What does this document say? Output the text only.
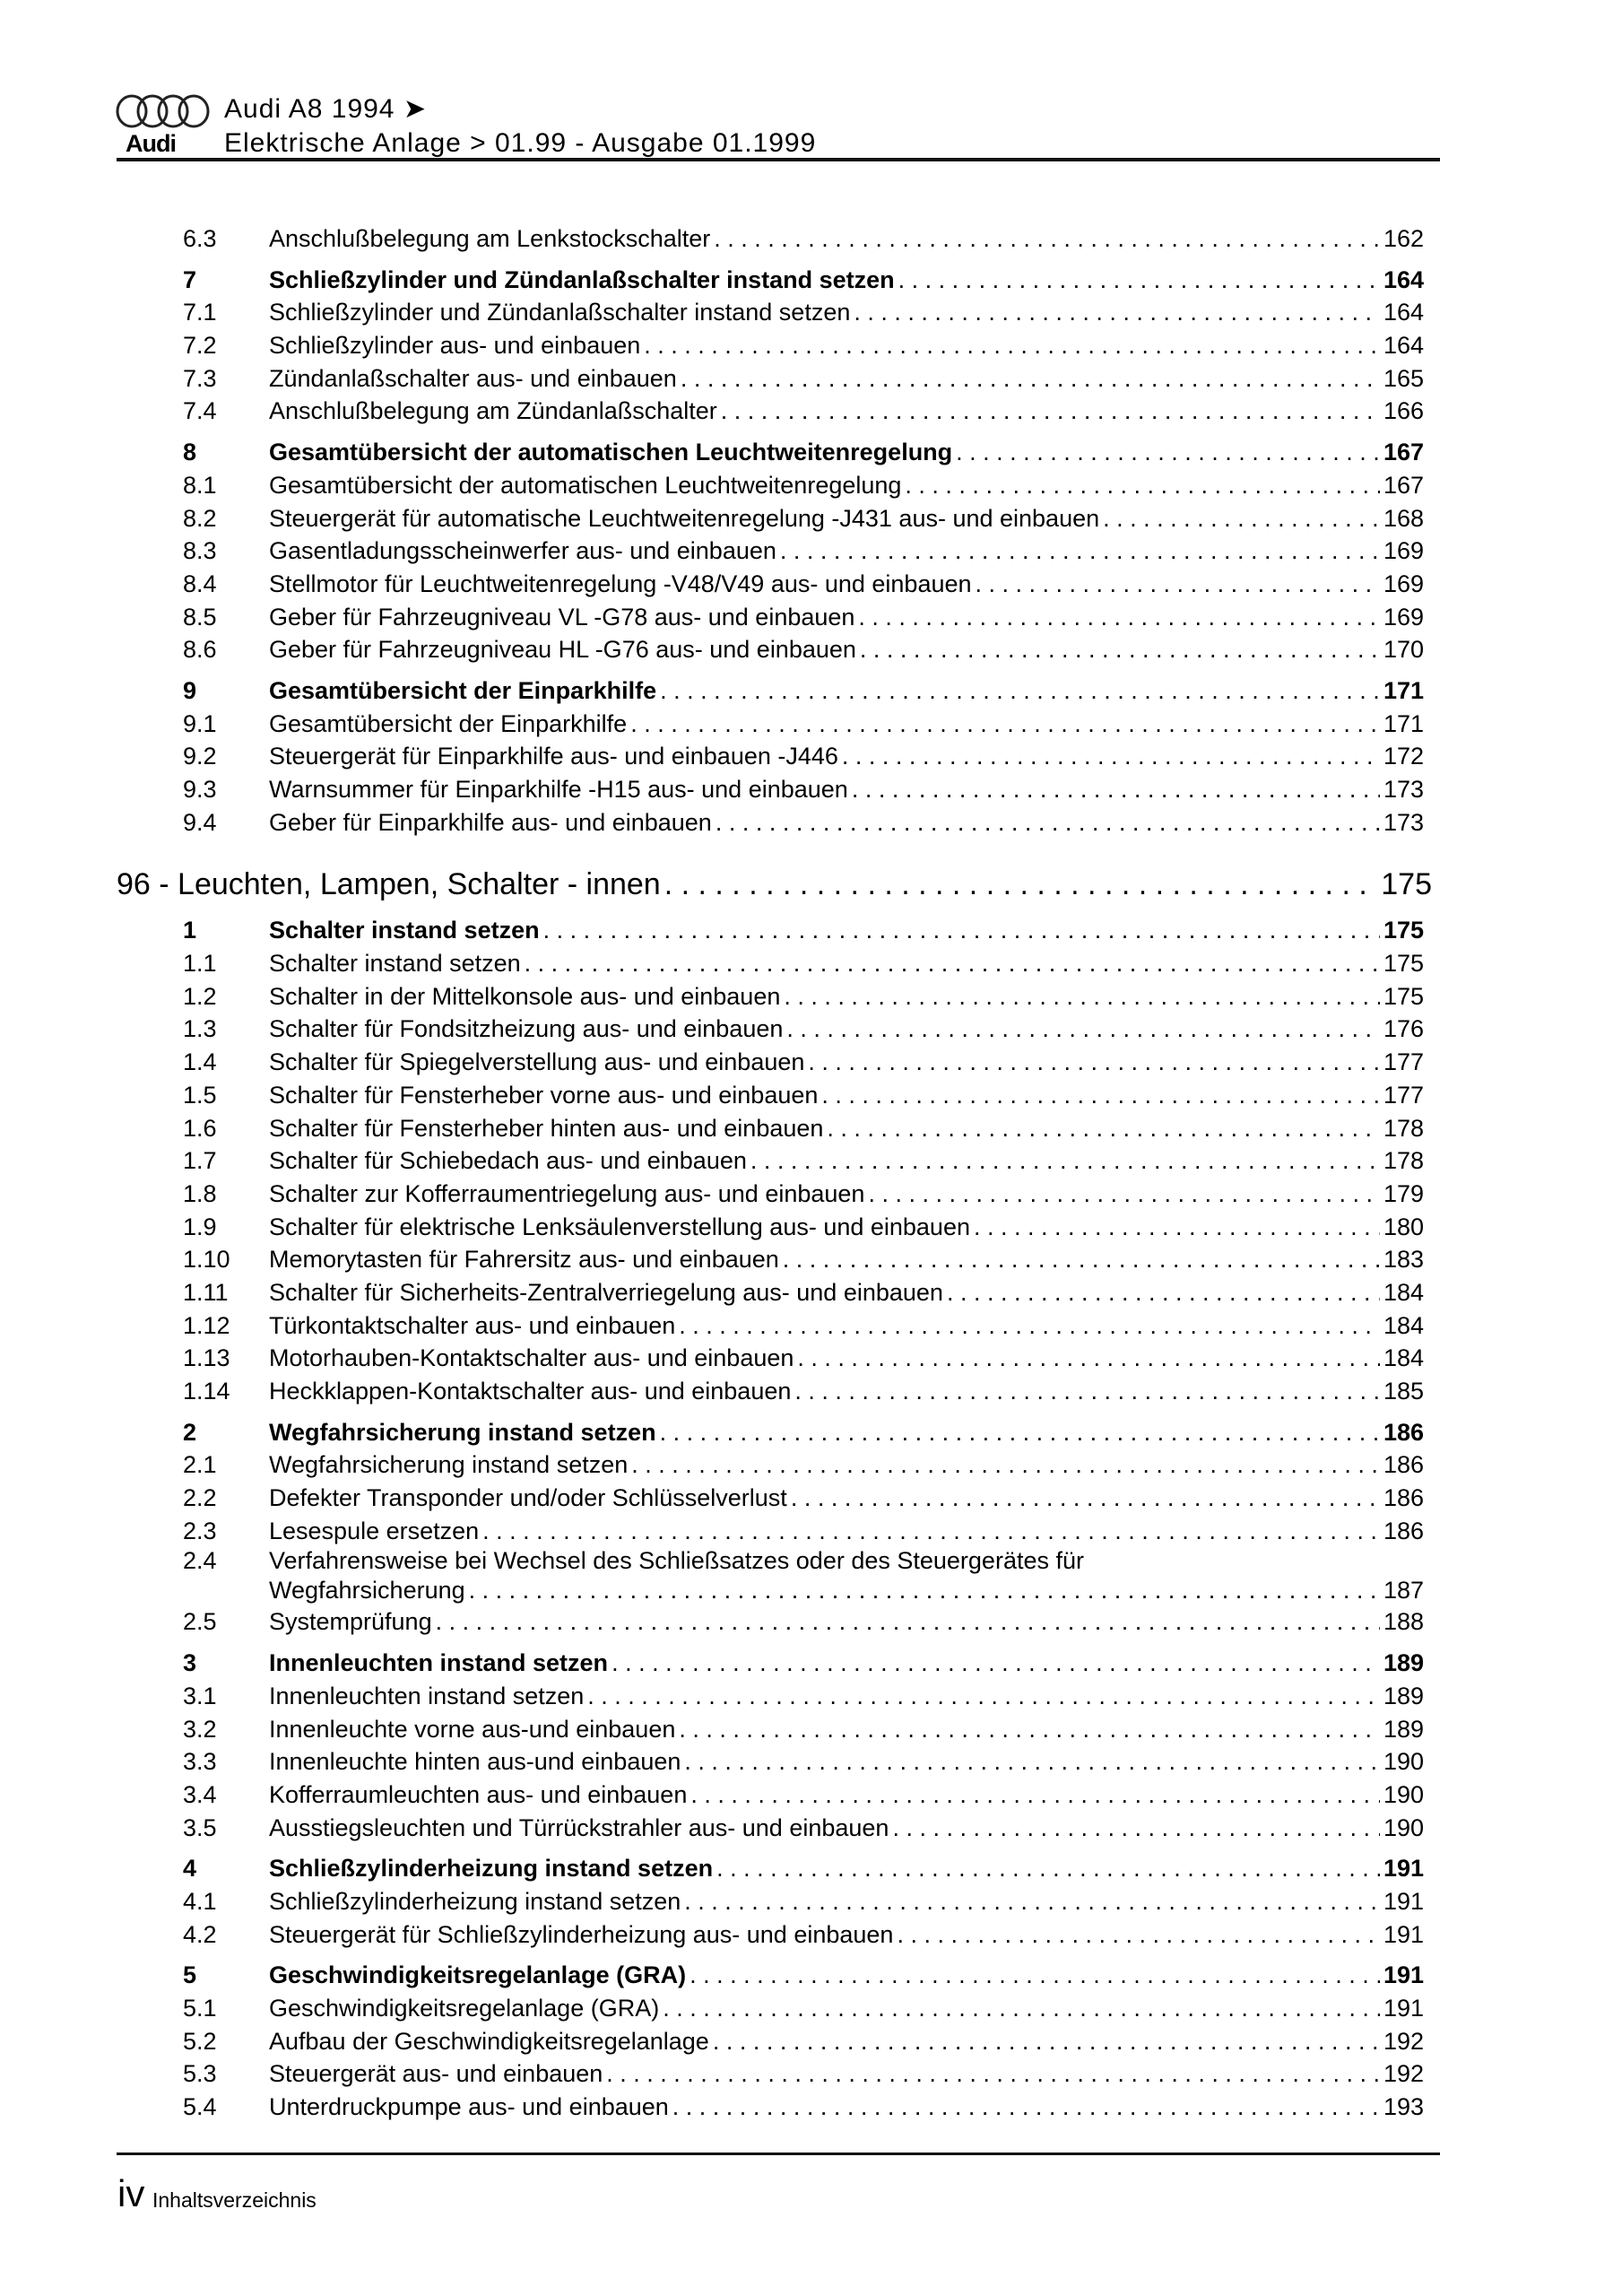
Audi A8 1994 ➤
Audi Elektrische Anlage > 01.99 - Ausgabe 01.1999
6.3	Anschlußbelegung am Lenkstockschalter . . .	162
7	Schließzylinder und Zündanlaßschalter instand setzen . . .	164
7.1	Schließzylinder und Zündanlaßschalter instand setzen . . .	164
7.2	Schließzylinder aus- und einbauen . . .	164
7.3	Zündanlaßschalter aus- und einbauen . . .	165
7.4	Anschlußbelegung am Zündanlaßschalter . . .	166
8	Gesamtübersicht der automatischen Leuchtweitenregelung . . .	167
8.1	Gesamtübersicht der automatischen Leuchtweitenregelung . . .	167
8.2	Steuergerät für automatische Leuchtweitenregelung -J431 aus- und einbauen . . .	168
8.3	Gasentladungsscheinwerfer aus- und einbauen . . .	169
8.4	Stellmotor für Leuchtweitenregelung -V48/V49 aus- und einbauen . . .	169
8.5	Geber für Fahrzeugniveau VL -G78 aus- und einbauen . . .	169
8.6	Geber für Fahrzeugniveau HL -G76 aus- und einbauen . . .	170
9	Gesamtübersicht der Einparkhilfe . . .	171
9.1	Gesamtübersicht der Einparkhilfe . . .	171
9.2	Steuergerät für Einparkhilfe aus- und einbauen -J446 . . .	172
9.3	Warnsummer für Einparkhilfe -H15 aus- und einbauen . . .	173
9.4	Geber für Einparkhilfe aus- und einbauen . . .	173
96 - Leuchten, Lampen, Schalter - innen . . .	175
1	Schalter instand setzen . . .	175
1.1	Schalter instand setzen . . .	175
1.2	Schalter in der Mittelkonsole aus- und einbauen . . .	175
1.3	Schalter für Fondsitzheizung aus- und einbauen . . .	176
1.4	Schalter für Spiegelverstellung aus- und einbauen . . .	177
1.5	Schalter für Fensterheber vorne aus- und einbauen . . .	177
1.6	Schalter für Fensterheber hinten aus- und einbauen . . .	178
1.7	Schalter für Schiebedach aus- und einbauen . . .	178
1.8	Schalter zur Kofferraumentriegelung aus- und einbauen . . .	179
1.9	Schalter für elektrische Lenksäulenverstellung aus- und einbauen . . .	180
1.10	Memorytasten für Fahrersitz aus- und einbauen . . .	183
1.11	Schalter für Sicherheits-Zentralverriegelung aus- und einbauen . . .	184
1.12	Türkontaktschalter aus- und einbauen . . .	184
1.13	Motorhauben-Kontaktschalter aus- und einbauen . . .	184
1.14	Heckklappen-Kontaktschalter aus- und einbauen . . .	185
2	Wegfahrsicherung instand setzen . . .	186
2.1	Wegfahrsicherung instand setzen . . .	186
2.2	Defekter Transponder und/oder Schlüsselverlust . . .	186
2.3	Lesespule ersetzen . . .	186
2.4	Verfahrensweise bei Wechsel des Schließsatzes oder des Steuergerätes für
Wegfahrsicherung . . .	187
2.5	Systemprüfung . . .	188
3	Innenleuchten instand setzen . . .	189
3.1	Innenleuchten instand setzen . . .	189
3.2	Innenleuchte vorne aus-und einbauen . . .	189
3.3	Innenleuchte hinten aus-und einbauen . . .	190
3.4	Kofferraumleuchten aus- und einbauen . . .	190
3.5	Ausstiegsleuchten und Türrückstrahler aus- und einbauen . . .	190
4	Schließzylinderheizung instand setzen . . .	191
4.1	Schließzylinderheizung instand setzen . . .	191
4.2	Steuergerät für Schließzylinderheizung aus- und einbauen . . .	191
5	Geschwindigkeitsregelanlage (GRA) . . .	191
5.1	Geschwindigkeitsregelanlage (GRA) . . .	191
5.2	Aufbau der Geschwindigkeitsregelanlage . . .	192
5.3	Steuergerät aus- und einbauen . . .	192
5.4	Unterdruckpumpe aus- und einbauen . . .	193
iv Inhaltsverzeichnis
